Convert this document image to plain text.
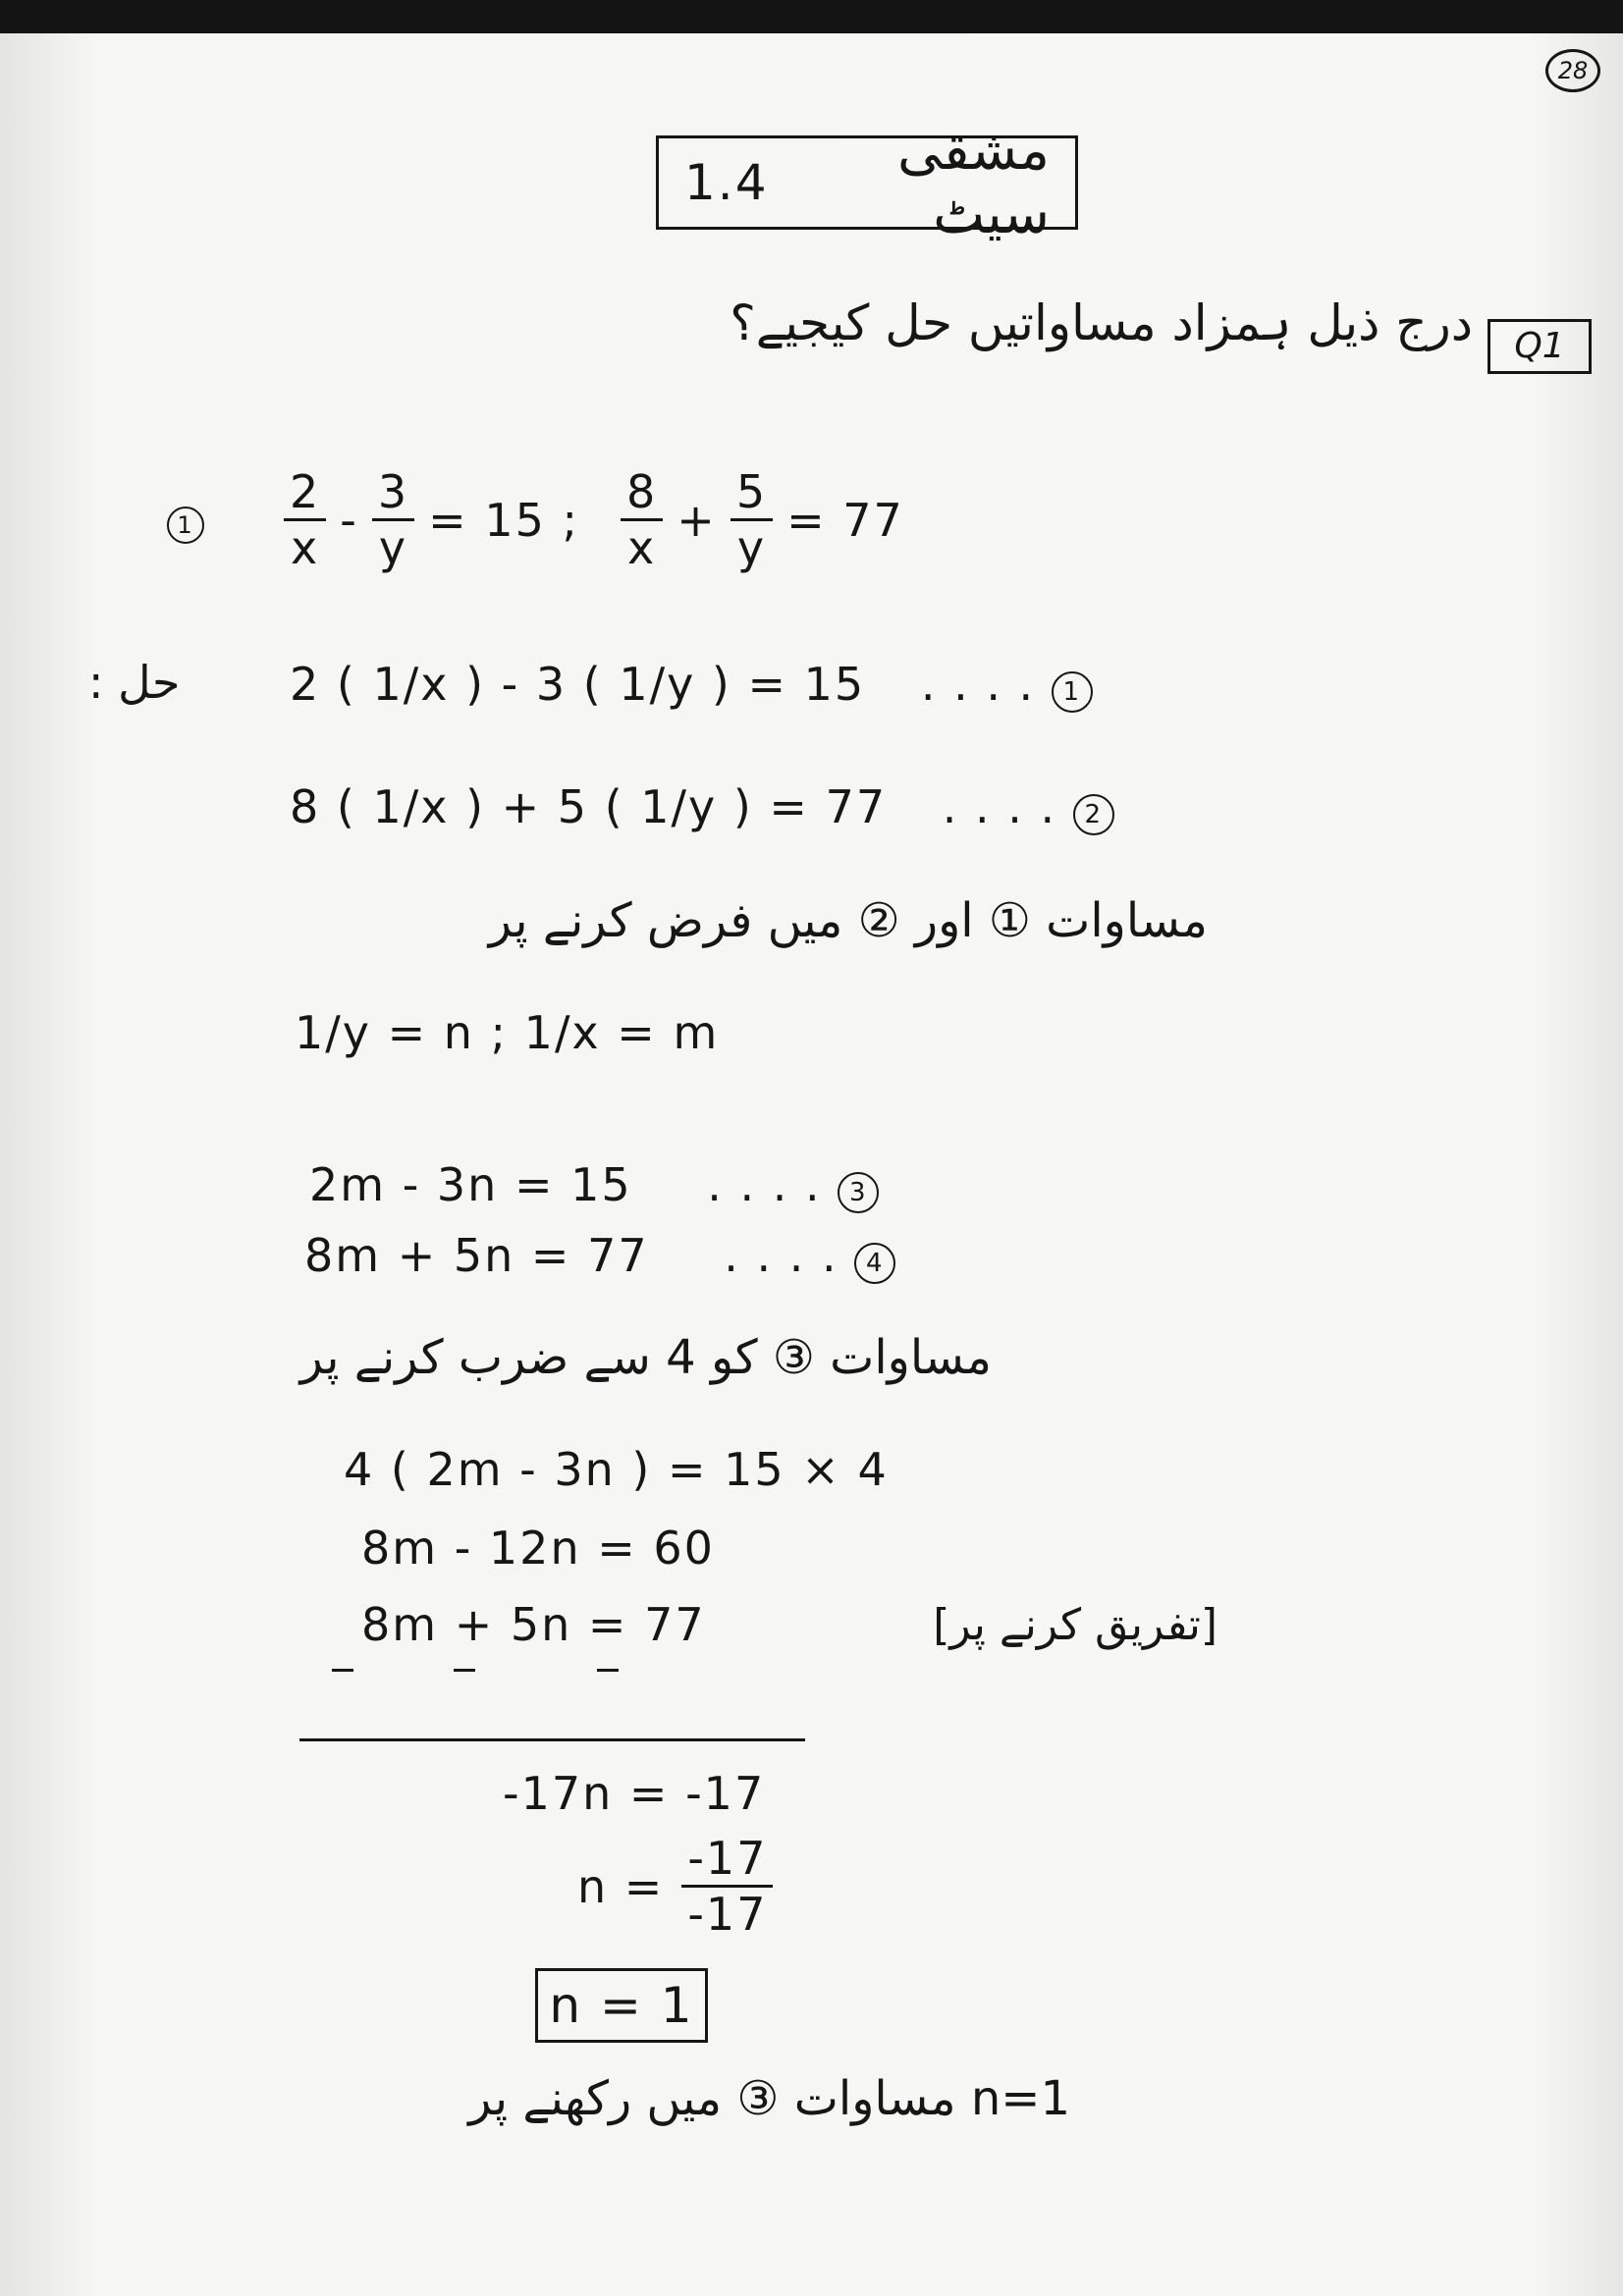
28
1.4	مشقی سیٹ
درج ذیل ہمزاد مساواتیں حل کیجیے؟	Q1
$1 \frac{2}{x} - \frac{3}{y} = 15$ ; $\frac{8}{x} + \frac{5}{y} = 77$
حل : 2 ( 1/x ) - 3 ( 1/y ) = 15 . . . . 1
8 ( 1/x ) + 5 ( 1/y ) = 77 . . . . 2
مساوات ① اور ② میں فرض کرنے پر
1/y = n ; 1/x = m
2m - 3n = 15 . . . . 3
8m + 5n = 77 . . . . 4
مساوات ③ کو 4 سے ضرب کرنے پر
4 ( 2m - 3n ) = 15 × 4
8m - 12n = 60
8m + 5n = 77	[تفریق کرنے پر]
-17n = -17
$n = \frac{-17}{-17}$
n = 1
n=1 مساوات ③ میں رکھنے پر
